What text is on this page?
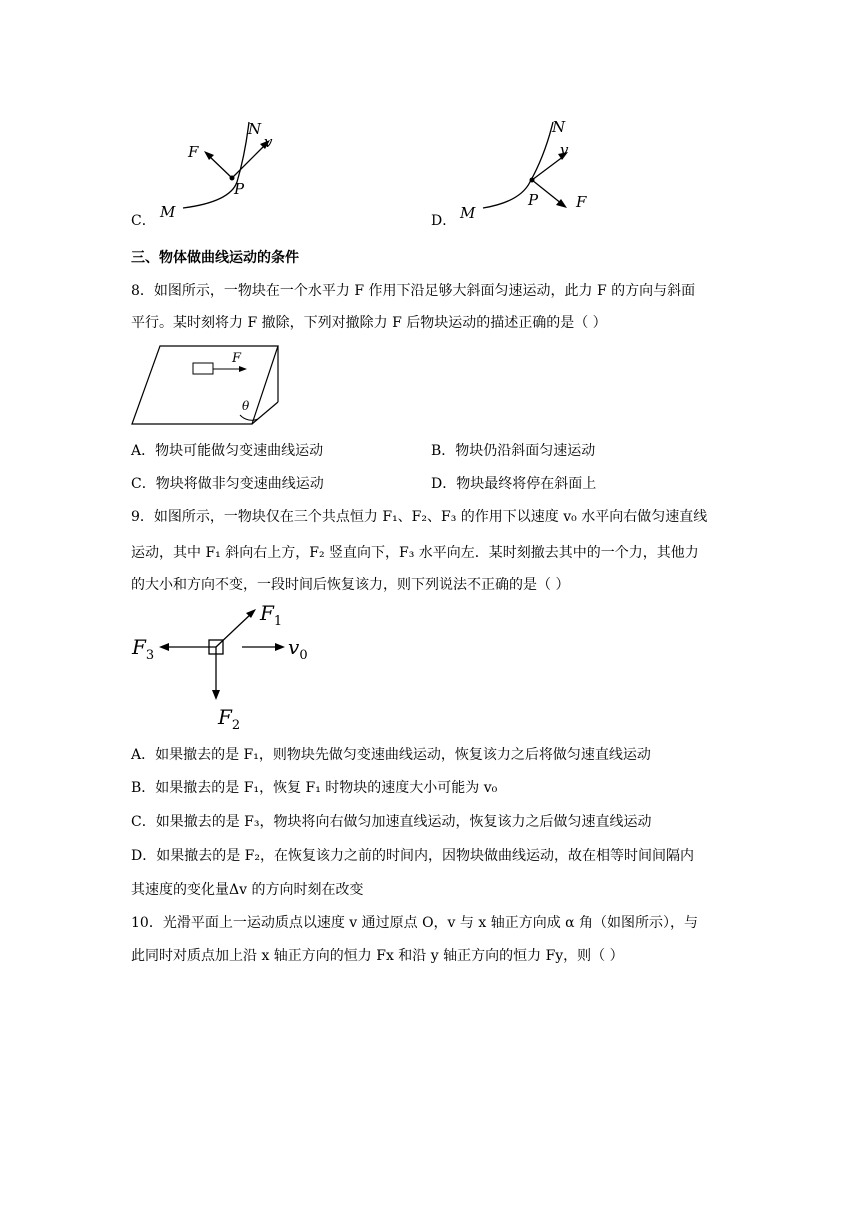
C． M
N
P
F
v
D． M
N
P	F
v
三、物体做曲线运动的条件
8．如图所示，一物块在一个水平力 F 作用下沿足够大斜面匀速运动，此力 F 的方向与斜面
平行。某时刻将力 F 撤除，下列对撤除力 F 后物块运动的描述正确的是（ ）
F
θ
A．物块可能做匀变速曲线运动	B．物块仍沿斜面匀速运动
C．物块将做非匀变速曲线运动	D．物块最终将停在斜面上
9．如图所示，一物块仅在三个共点恒力 F₁、F₂、F₃ 的作用下以速度 v₀ 水平向右做匀速直线
运动，其中 F₁ 斜向右上方，F₂ 竖直向下，F₃ 水平向左．某时刻撤去其中的一个力，其他力
的大小和方向不变，一段时间后恢复该力，则下列说法不正确的是（ ）
$F_3$
$F_1$
$F_2$
$v_0$
A．如果撤去的是 F₁，则物块先做匀变速曲线运动，恢复该力之后将做匀速直线运动
B．如果撤去的是 F₁，恢复 F₁ 时物块的速度大小可能为 v₀
C．如果撤去的是 F₃，物块将向右做匀加速直线运动，恢复该力之后做匀速直线运动
D．如果撤去的是 F₂，在恢复该力之前的时间内，因物块做曲线运动，故在相等时间间隔内
其速度的变化量Δv 的方向时刻在改变
10．光滑平面上一运动质点以速度 v 通过原点 O，v 与 x 轴正方向成 α 角（如图所示），与
此同时对质点加上沿 x 轴正方向的恒力 Fx 和沿 y 轴正方向的恒力 Fy，则（ ）
